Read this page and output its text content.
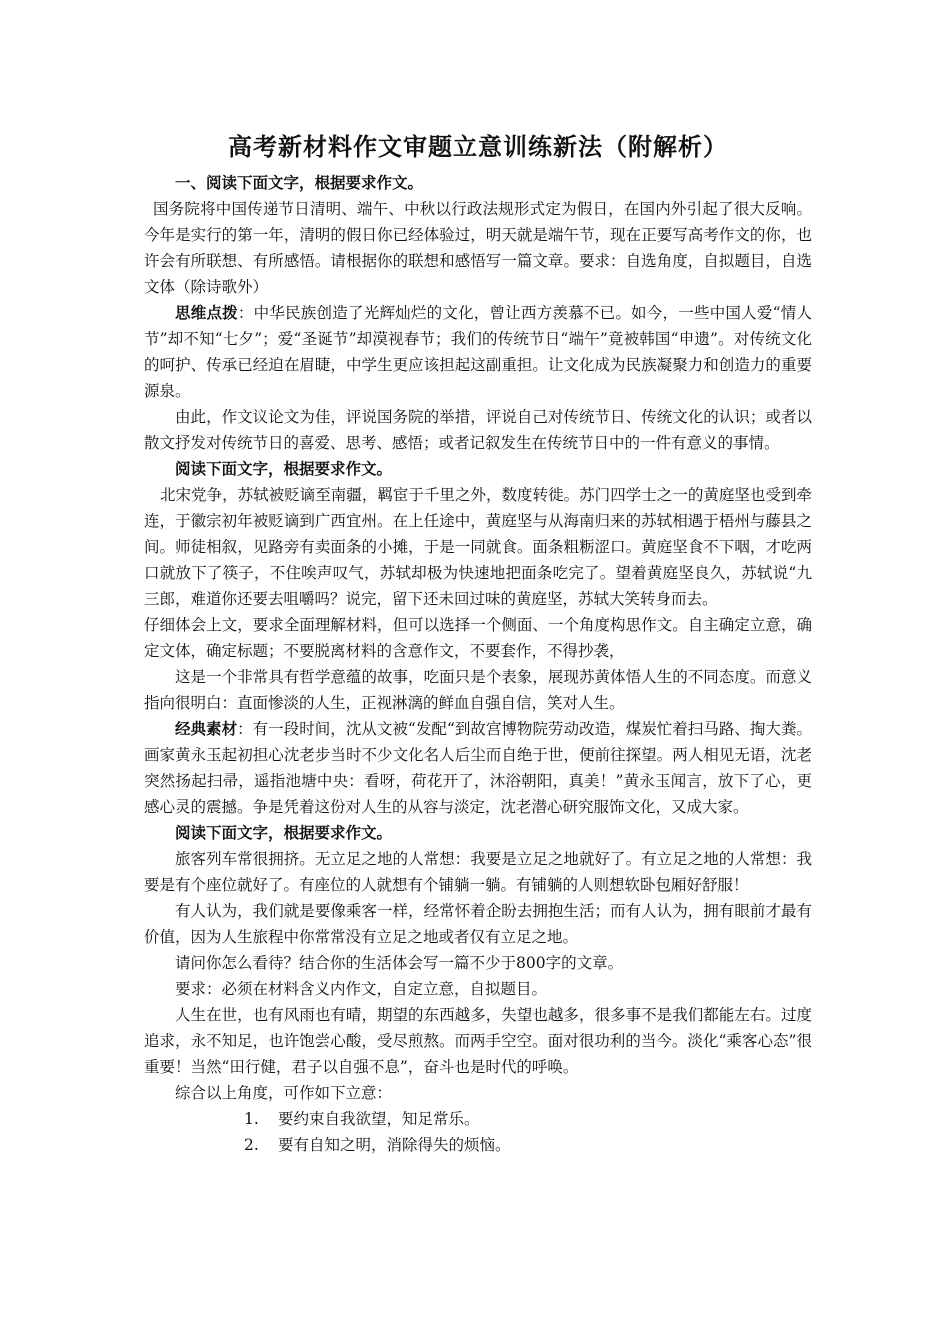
高考新材料作文审题立意训练新法（附解析）

一、阅读下面文字，根据要求作文。

国务院将中国传递节日清明、端午、中秋以行政法规形式定为假日，在国内外引起了很大反响。今年是实行的第一年，清明的假日你已经体验过，明天就是端午节，现在正要写高考作文的你，也许会有所联想、有所感悟。请根据你的联想和感悟写一篇文章。要求：自选角度，自拟题目，自选文体（除诗歌外）

思维点拨：中华民族创造了光辉灿烂的文化，曾让西方羡慕不已。如今，一些中国人爱“情人节”却不知“七夕”；爱“圣诞节”却漠视春节；我们的传统节日“端午”竟被韩国“申遗”。对传统文化的呵护、传承已经迫在眉睫，中学生更应该担起这副重担。让文化成为民族凝聚力和创造力的重要源泉。

由此，作文议论文为佳，评说国务院的举措，评说自己对传统节日、传统文化的认识；或者以散文抒发对传统节日的喜爱、思考、感悟；或者记叙发生在传统节日中的一件有意义的事情。

阅读下面文字，根据要求作文。

北宋党争，苏轼被贬谪至南疆，羁宦于千里之外，数度转徙。苏门四学士之一的黄庭坚也受到牵连，于徽宗初年被贬谪到广西宜州。在上任途中，黄庭坚与从海南归来的苏轼相遇于梧州与藤县之间。师徒相叙，见路旁有卖面条的小摊，于是一同就食。面条粗粝涩口。黄庭坚食不下咽，才吃两口就放下了筷子，不住唉声叹气，苏轼却极为快速地把面条吃完了。望着黄庭坚良久，苏轼说“九三郎，难道你还要去咀嚼吗？说完，留下还未回过味的黄庭坚，苏轼大笑转身而去。

仔细体会上文，要求全面理解材料，但可以选择一个侧面、一个角度构思作文。自主确定立意，确定文体，确定标题；不要脱离材料的含意作文，不要套作，不得抄袭，

这是一个非常具有哲学意蕴的故事，吃面只是个表象，展现苏黄体悟人生的不同态度。而意义指向很明白：直面惨淡的人生，正视淋漓的鲜血自强自信，笑对人生。

经典素材：有一段时间，沈从文被“发配“到故宫博物院劳动改造，煤炭忙着扫马路、掏大粪。画家黄永玉起初担心沈老步当时不少文化名人后尘而自绝于世，便前往探望。两人相见无语，沈老突然扬起扫帚，遥指池塘中央：看呀，荷花开了，沐浴朝阳，真美！”黄永玉闻言，放下了心，更感心灵的震撼。争是凭着这份对人生的从容与淡定，沈老潜心研究服饰文化，又成大家。

阅读下面文字，根据要求作文。

旅客列车常很拥挤。无立足之地的人常想：我要是立足之地就好了。有立足之地的人常想：我要是有个座位就好了。有座位的人就想有个铺躺一躺。有铺躺的人则想软卧包厢好舒服！

有人认为，我们就是要像乘客一样，经常怀着企盼去拥抱生活；而有人认为，拥有眼前才最有价值，因为人生旅程中你常常没有立足之地或者仅有立足之地。

请问你怎么看待？结合你的生活体会写一篇不少于800字的文章。

要求：必须在材料含义内作文，自定立意，自拟题目。

人生在世，也有风雨也有晴，期望的东西越多，失望也越多，很多事不是我们都能左右。过度追求，永不知足，也许饱尝心酸，受尽煎熬。而两手空空。面对很功利的当今。淡化“乘客心态”很重要！当然“田行健，君子以自强不息”，奋斗也是时代的呼唤。

综合以上角度，可作如下立意：

1.	要约束自我欲望，知足常乐。
2.	要有自知之明，消除得失的烦恼。
